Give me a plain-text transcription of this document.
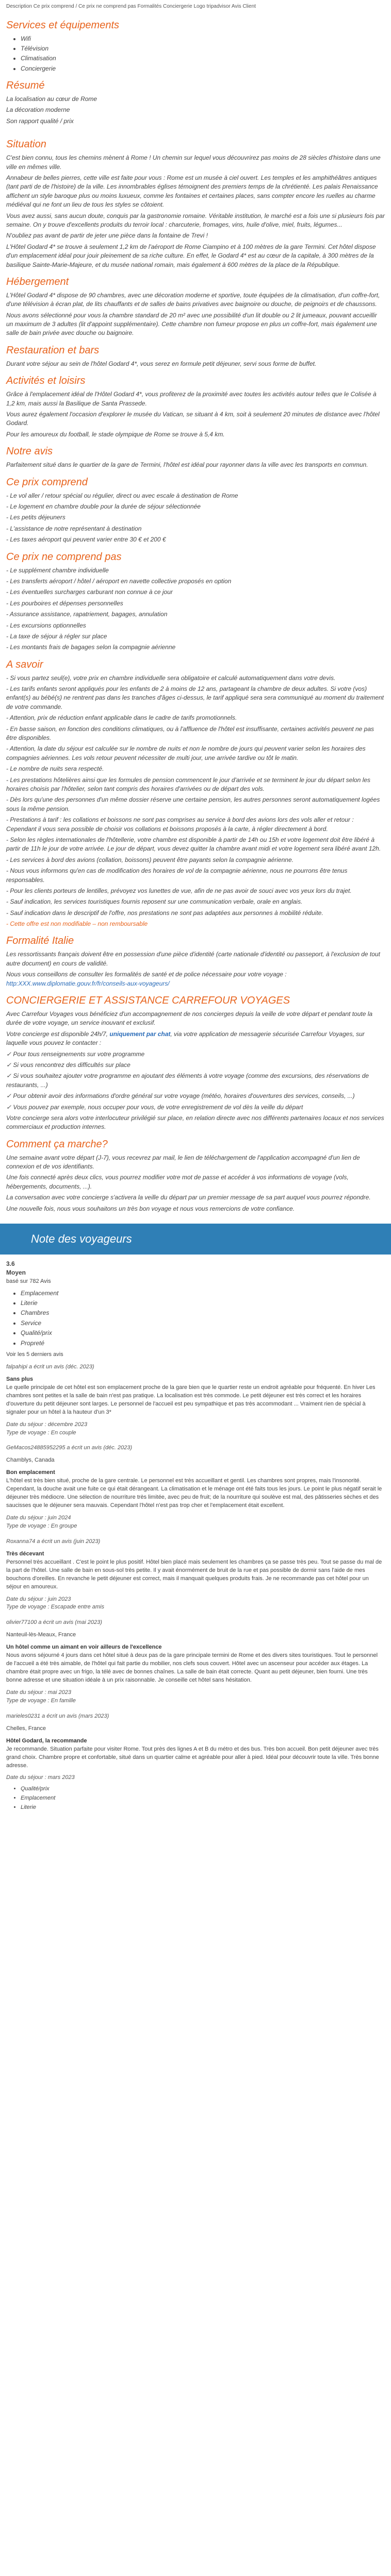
Description Ce prix comprend / Ce prix ne comprend pas Formalités Conciergerie Logo tripadvisor Avis Client
Services et équipements
• Wifi
• Télévision
• Climatisation
• Conciergerie
Résumé
La localisation au cœur de Rome
La décoration moderne
Son rapport qualité / prix
Situation

C'est bien connu, tous les chemins mènent à Rome ! Un chemin sur lequel vous découvrirez pas moins de 28 siècles d'histoire dans une ville en mêmes ville.

Annabeur de belles pierres, cette ville est faite pour vous : Rome est un musée à ciel ouvert. Les temples et les amphithéâtres antiques (tant parti de de l'histoire) de la ville. Les innombrables églises témoignent des premiers temps de la chrétienté. Les palais Renaissance affichent un style baroque plus ou moins luxueux, comme les fontaines et certaines places, sans compter encore les ruelles au charme médiéval qui ne font un lieu de tous les styles se côtoient.

Vous avez aussi, sans aucun doute, conquis par la gastronomie romaine. Véritable institution, le marché est a fois une si plusieurs fois par semaine. On y trouve d'excellents produits du terroir local : charcuterie, fromages, vins, huile d'olive, miel, fruits, légumes...

N'oubliez pas avant de partir de jeter une pièce dans la fontaine de Trevi !

L'Hôtel Godard 4* se trouve à seulement 1,2 km de l'aéroport de Rome Ciampino et à 100 mètres de la gare Termini. Cet hôtel dispose d'un emplacement idéal pour jouir pleinement de sa riche culture. En effet, le Godard 4* est au cœur de la capitale, à 300 mètres de la basilique Sainte-Marie-Majeure, et du musée national romain, mais également à 600 mètres de la place de la République.

Hébergement

L'Hôtel Godard 4* dispose de 90 chambres, avec une décoration moderne et sportive, toute équipées de la climatisation, d'un coffre-fort, d'une télévision à écran plat, de lits chauffants et de salles de bains privatives avec baignoire ou douche, de peignoirs et de chaussons.

Nous avons sélectionné pour vous la chambre standard de 20 m² avec une possibilité d'un lit double ou 2 lit jumeaux, pouvant accueillir un maximum de 3 adultes (lit d'appoint supplémentaire). Cette chambre non fumeur propose en plus un coffre-fort, mais également une salle de bain privée avec douche ou baignoire.

Restauration et bars

Durant votre séjour au sein de l'hôtel Godard 4*, vous serez en formule petit déjeuner, servi sous forme de buffet.

Activités et loisirs

Grâce à l'emplacement idéal de l'Hôtel Godard 4*, vous profiterez de la proximité avec toutes les activités autour telles que le Colisée à 1,2 km, mais aussi la Basilique de Santa Prassede.

Vous aurez également l'occasion d'explorer le musée du Vatican, se situant à 4 km, soit à seulement 20 minutes de distance avec l'hôtel Godard.

Pour les amoureux du football, le stade olympique de Rome se trouve à 5,4 km.

Notre avis

Parfaitement situé dans le quartier de la gare de Termini, l'hôtel est idéal pour rayonner dans la ville avec les transports en commun.

Ce prix comprend
- Le vol aller / retour spécial ou régulier, direct ou avec escale à destination de Rome
- Le logement en chambre double pour la durée de séjour sélectionnée
- Les petits déjeuners
- L'assistance de notre représentant à destination
- Les taxes aéroport qui peuvent varier entre 30 € et 200 €
Ce prix ne comprend pas
- Le supplément chambre individuelle
- Les transferts aéroport / hôtel / aéroport en navette collective proposés en option
- Les éventuelles surcharges carburant non connue à ce jour
- Les pourboires et dépenses personnelles
- Assurance assistance, rapatriement, bagages, annulation
- Les excursions optionnelles
- La taxe de séjour à régler sur place
- Les montants frais de bagages selon la compagnie aérienne
A savoir
- Si vous partez seul(e), votre prix en chambre individuelle sera obligatoire et calculé automatiquement dans votre devis.
- Les tarifs enfants seront appliqués pour les enfants de 2 à moins de 12 ans, partageant la chambre de deux adultes. Si votre (vos) enfant(s) au bébé(s) ne rentrent pas dans les tranches d'âges ci-dessus, le tarif appliqué sera sera communiqué au moment du traitement de votre commande.
- Attention, prix de réduction enfant applicable dans le cadre de tarifs promotionnels.
- En basse saison, en fonction des conditions climatiques, ou à l'affluence de l'hôtel est insuffisante, certaines activités peuvent ne pas être disponibles.
- Attention, la date du séjour est calculée sur le nombre de nuits et non le nombre de jours qui peuvent varier selon les horaires des compagnies aériennes. Les vols retour peuvent nécessiter de multi jour, une arrivée tardive ou tôt le matin.
- Le nombre de nuits sera respecté.
- Les prestations hôtelières ainsi que les formules de pension commencent le jour d'arrivée et se terminent le jour du départ selon les horaires choisis par l'hôtelier, selon tant compris des horaires d'arrivées ou de départ des vols.
- Dès lors qu'une des personnes d'un même dossier réserve une certaine pension, les autres personnes seront automatiquement logées sous la même pension.
- Prestations à tarif : les collations et boissons ne sont pas comprises au service à bord des avions lors des vols aller et retour : Cependant il vous sera possible de choisir vos collations et boissons proposés à la carte, à régler directement à bord.
- Selon les règles internationales de l'hôtellerie, votre chambre est disponible à partir de 14h ou 15h et votre logement doit être libéré à partir de 11h le jour de votre arrivée. Le jour de départ, vous devez quitter la chambre avant midi et votre logement sera libéré avant 12h.
- Les services à bord des avions (collation, boissons) peuvent être payants selon la compagnie aérienne.
- Nous vous informons qu'en cas de modification des horaires de vol de la compagnie aérienne, nous ne pourrons être tenus responsables.
- Pour les clients porteurs de lentilles, prévoyez vos lunettes de vue, afin de ne pas avoir de souci avec vos yeux lors du trajet.
- Sauf indication, les services touristiques fournis reposent sur une communication verbale, orale en anglais.
- Sauf indication dans le descriptif de l'offre, nos prestations ne sont pas adaptées aux personnes à mobilité réduite.
- Cette offre est non modifiable – non remboursable
Formalité Italie

Les ressortissants français doivent être en possession d'une pièce d'identité (carte nationale d'identité ou passeport, à l'exclusion de tout autre document) en cours de validité.

Nous vous conseillons de consulter les formalités de santé et de police nécessaire pour votre voyage : http:XXX.www.diplomatie.gouv.fr/fr/conseils-aux-voyageurs/

CONCIERGERIE ET ASSISTANCE CARREFOUR VOYAGES

Avec Carrefour Voyages vous bénéficiez d'un accompagnement de nos concierges depuis la veille de votre départ et pendant toute la durée de votre voyage, un service inouvant et exclusif.

Votre concierge est disponible 24h/7, uniquement par chat, via votre application de messagerie sécurisée Carrefour Voyages, sur laquelle vous pouvez le contacter :

✓ Pour tous renseignements sur votre programme

✓ Si vous rencontrez des difficultés sur place

✓ Si vous souhaitez ajouter votre programme en ajoutant des éléments à votre voyage (comme des excursions, des réservations de restaurants, ...)

✓ Pour obtenir avoir des informations d'ordre général sur votre voyage (météo, horaires d'ouvertures des services, conseils, ...)

✓ Vous pouvez par exemple, nous occuper pour vous, de votre enregistrement de vol dès la veille du départ

Votre concierge sera alors votre interlocuteur privilégié sur place, en relation directe avec nos différents partenaires locaux et nos services commerciaux et production internes.

Comment ça marche?

Une semaine avant votre départ (J-7), vous recevrez par mail, le lien de téléchargement de l'application accompagné d'un lien de connexion et de vos identifiants.

Une fois connecté après deux clics, vous pourrez modifier votre mot de passe et accéder à vos informations de voyage (vols, hébergements, documents, ...).

La conversation avec votre concierge s'activera la veille du départ par un premier message de sa part auquel vous pourrez répondre.

Une nouvelle fois, nous vous souhaitons un très bon voyage et nous vous remercions de votre confiance.

Note des voyageurs
3.6
Moyen
basé sur 782 Avis
• Emplacement
• Literie
• Chambres
• Service
• Qualité/prix
• Propreté
Voir les 5 derniers avis
falpahipi a écrit un avis (déc. 2023)
Sans plus
Le quelle principale de cet hôtel est son emplacement proche de la gare bien que le quartier reste un endroit agréable pour fréquenté. En hiver Les chambres sont petites et la salle de bain n'est pas pratique. La localisation est très commode. Le petit déjeuner est très correct et les horaires d'ouverture du petit déjeuner sont larges. Le personnel de l'accueil est peu sympathique et pas très accommodant ... Vraiment rien de spécial à signaler pour un hôtel à la hauteur d'un 3*
Date du séjour : décembre 2023
Type de voyage : En couple
GeMacos24885952295 a écrit un avis (déc. 2023)
Chamblys, Canada
Bon emplacement
L'hôtel est très bien situé, proche de la gare centrale. Le personnel est très accueillant et gentil. Les chambres sont propres, mais l'insonorité. Cependant, la douche avait une fuite ce qui était dérangeant. La climatisation et le ménage ont été faits tous les jours. Le point le plus négatif serait le déjeuner très médiocre. Une sélection de nourriture très limitée, avec peu de fruit; de la nourriture qui soulève est mal, des pâtisseries sèches et des saucisses que le déjeuner sera mauvais. Cependant l'hôtel n'est pas trop cher et l'emplacement était excellent.
Date du séjour : juin 2024
Type de voyage : En groupe
Roxanna74 a écrit un avis (juin 2023)
Très décevant
Personnel très accueillant . C'est le point le plus positif. Hôtel bien placé mais seulement les chambres ça se passe très peu. Tout se passe du mal de la part de l'hôtel. Une salle de bain en sous-sol très petite. Il y avait énormément de bruit de la rue et pas possible de dormir sans l'aide de mes bouchons d'oreilles. En revanche le petit déjeuner est correct, mais il manquait quelques produits frais. Je ne recommande pas cet hôtel pour un séjour en amoureux.
Date du séjour : juin 2023
Type de voyage : Escapade entre amis
olivier77100 a écrit un avis (mai 2023)
Nanteuil-lès-Meaux, France
Un hôtel comme un aimant en voir ailleurs de l'excellence
Nous avons séjourné 4 jours dans cet hôtel situé à deux pas de la gare principale termini de Rome et des divers sites touristiques. Tout le personnel de l'accueil a été très aimable, de l'hôtel qui fait partie du mobilier, nos clefs sous couvert. Hôtel avec un ascenseur pour accéder aux étages. La chambre était propre avec un frigo, la télé avec de bonnes chaînes. La salle de bain était correcte. Quant au petit déjeuner, bien fourni. Une très bonne adresse et une situation idéale à un prix raisonnable. Je conseille cet hôtel sans hésitation.
Date du séjour : mai 2023
Type de voyage : En famille
marieles0231 a écrit un avis (mars 2023)
Chelles, France
Hôtel Godard, la recommande
Je recommande. Situation parfaite pour visiter Rome. Tout près des lignes A et B du métro et des bus. Très bon accueil. Bon petit déjeuner avec très grand choix. Chambre propre et confortable, situé dans un quartier calme et agréable pour aller à pied. Idéal pour découvrir toute la ville. Très bonne adresse.
Date du séjour : mars 2023
• Qualité/prix
• Emplacement
• Literie
